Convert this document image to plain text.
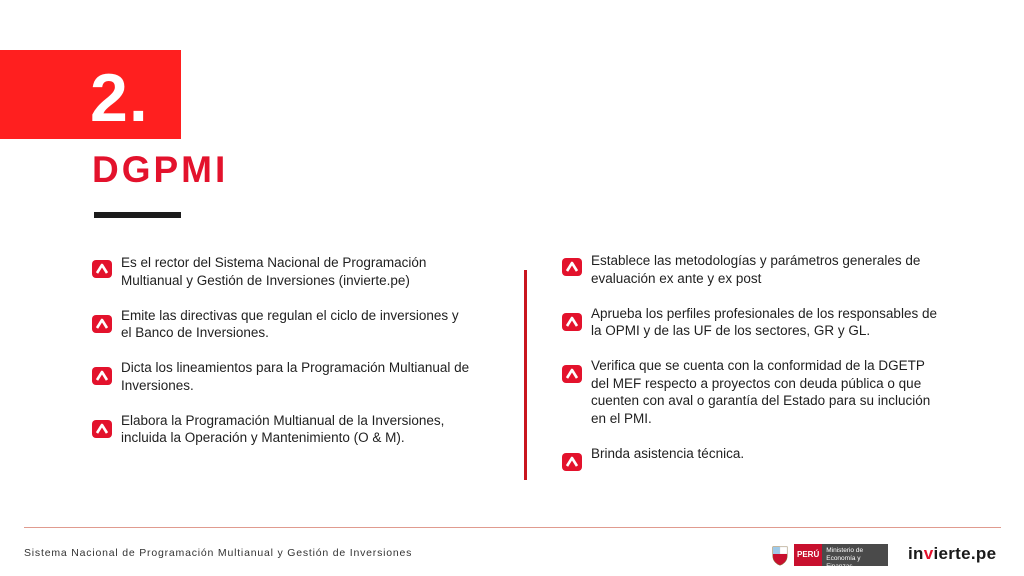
2.
DGPMI
Es el rector del Sistema Nacional de Programación Multianual y Gestión de Inversiones (invierte.pe)
Emite las directivas que regulan el ciclo de inversiones y el Banco de Inversiones.
Dicta los lineamientos para la Programación Multianual de Inversiones.
Elabora la Programación Multianual de la Inversiones, incluida la Operación y Mantenimiento (O & M).
Establece las metodologías y parámetros generales de evaluación ex ante y ex post
Aprueba los perfiles profesionales de los responsables de la OPMI y de las UF de los sectores, GR y GL.
Verifica que se cuenta con la conformidad de la DGETP del MEF respecto a proyectos con deuda pública o que cuenten con aval o garantía del Estado para su inclución en el PMI.
Brinda asistencia técnica.
Sistema Nacional de Programación Multianual y Gestión de Inversiones	PERÚ	Ministerio de Economía y Finanzas
invierte.pe
